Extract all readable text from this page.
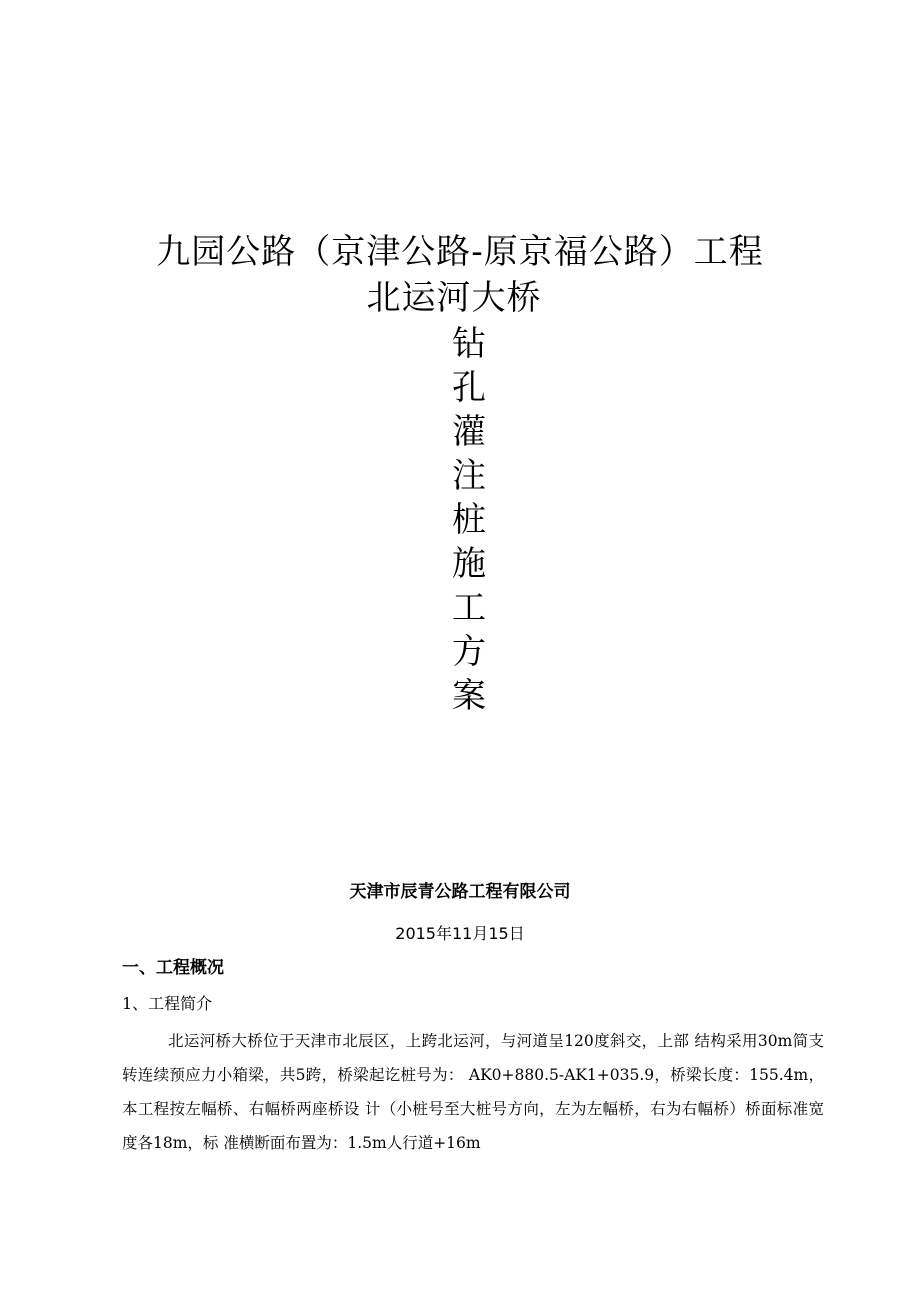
九园公路（京津公路-原京福公路）工程
北运河大桥
钻
孔
灌
注
桩
施
工
方
案
天津市辰青公路工程有限公司
2015年11月15日
一、工程概况
1、工程简介

北运河桥大桥位于天津市北辰区，上跨北运河，与河道呈120度斜交，上部 结构采用30m简支转连续预应力小箱梁，共5跨，桥梁起讫桩号为： AK0+880.5-AK1+035.9，桥梁长度：155.4m，本工程按左幅桥、右幅桥两座桥设 计（小桩号至大桩号方向，左为左幅桥，右为右幅桥）桥面标准宽度各18m，标 准横断面布置为：1.5m人行道+16m
